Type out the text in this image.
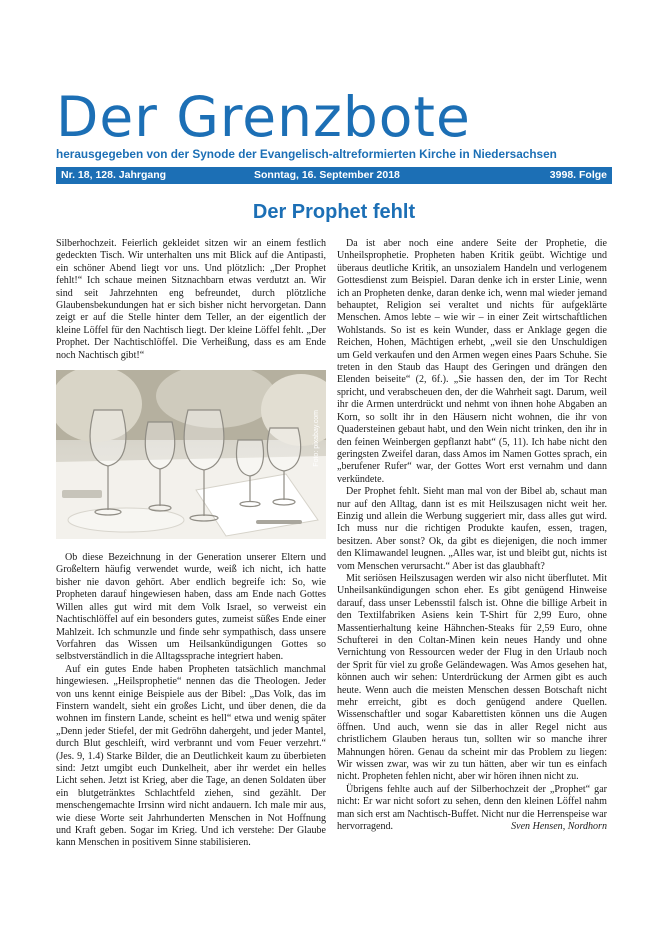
Der Grenzbote
herausgegeben von der Synode der Evangelisch-altreformierten Kirche in Niedersachsen
Nr. 18, 128. Jahrgang	Sonntag, 16. September 2018	3998. Folge
Der Prophet fehlt

Silberhochzeit. Feierlich gekleidet sitzen wir an einem festlich gedeckten Tisch. Wir unterhalten uns mit Blick auf die Antipasti, ein schöner Abend liegt vor uns. Und plötzlich: „Der Prophet fehlt!“ Ich schaue meinen Sitznachbarn etwas verdutzt an. Wir sind seit Jahrzehnten eng befreundet, durch plötzliche Glaubensbekundungen hat er sich bisher nicht hervorgetan. Dann zeigt er auf die Stelle hinter dem Teller, an der eigentlich der kleine Löffel für den Nachtisch liegt. Der kleine Löffel fehlt. „Der Prophet. Der Nachtischlöffel. Die Verheißung, dass es am Ende noch Nachtisch gibt!“

Foto: pixabay.com

Ob diese Bezeichnung in der Generation unserer Eltern und Großeltern häufig verwendet wurde, weiß ich nicht, ich hatte bisher nie davon gehört. Aber endlich begreife ich: So, wie Propheten darauf hingewiesen haben, dass am Ende nach Gottes Willen alles gut wird mit dem Volk Israel, so verweist ein Nachtischlöffel auf ein besonders gutes, zumeist süßes Ende einer Mahlzeit. Ich schmunzle und finde sehr sympathisch, dass unsere Vorfahren das Wissen um Heilsankündigungen Gottes so selbstverständlich in die Alltagssprache integriert haben.

Auf ein gutes Ende haben Propheten tatsächlich manchmal hingewiesen. „Heilsprophetie“ nennen das die Theologen. Jeder von uns kennt einige Beispiele aus der Bibel: „Das Volk, das im Finstern wandelt, sieht ein großes Licht, und über denen, die da wohnen im finstern Lande, scheint es hell“ etwa und wenig später „Denn jeder Stiefel, der mit Gedröhn dahergeht, und jeder Mantel, durch Blut geschleift, wird verbrannt und vom Feuer verzehrt.“ (Jes. 9, 1.4) Starke Bilder, die an Deutlichkeit kaum zu überbieten sind: Jetzt umgibt euch Dunkelheit, aber ihr werdet ein helles Licht sehen. Jetzt ist Krieg, aber die Tage, an denen Soldaten über ein blutgetränktes Schlachtfeld ziehen, sind gezählt. Der menschengemachte Irrsinn wird nicht andauern. Ich male mir aus, wie diese Worte seit Jahrhunderten Menschen in Not Hoffnung und Kraft geben. Sogar im Krieg. Und ich verstehe: Der Glaube kann Menschen in positivem Sinne stabilisieren.

Da ist aber noch eine andere Seite der Prophetie, die Unheilsprophetie. Propheten haben Kritik geübt. Wichtige und überaus deutliche Kritik, an unsozialem Handeln und verlogenem Gottesdienst zum Beispiel. Daran denke ich in erster Linie, wenn ich an Propheten denke, daran denke ich, wenn mal wieder jemand behauptet, Religion sei veraltet und nichts für aufgeklärte Menschen. Amos lebte – wie wir – in einer Zeit wirtschaftlichen Wohlstands. So ist es kein Wunder, dass er Anklage gegen die Reichen, Hohen, Mächtigen erhebt, „weil sie den Unschuldigen um Geld verkaufen und den Armen wegen eines Paars Schuhe. Sie treten in den Staub das Haupt des Geringen und drängen den Elenden beiseite“ (2, 6f.). „Sie hassen den, der im Tor Recht spricht, und verabscheuen den, der die Wahrheit sagt. Darum, weil ihr die Armen unterdrückt und nehmt von ihnen hohe Abgaben an Korn, so sollt ihr in den Häusern nicht wohnen, die ihr von Quadersteinen gebaut habt, und den Wein nicht trinken, den ihr in den feinen Weinbergen gepflanzt habt“ (5, 11). Ich habe nicht den geringsten Zweifel daran, dass Amos im Namen Gottes sprach, ein „berufener Rufer“ war, der Gottes Wort erst vernahm und dann verkündete.

Der Prophet fehlt. Sieht man mal von der Bibel ab, schaut man nur auf den Alltag, dann ist es mit Heilszusagen nicht weit her. Einzig und allein die Werbung suggeriert mir, dass alles gut wird. Ich muss nur die richtigen Produkte kaufen, essen, tragen, besitzen. Aber sonst? Ok, da gibt es diejenigen, die noch immer den Klimawandel leugnen. „Alles war, ist und bleibt gut, nichts ist vom Menschen verursacht.“ Aber ist das glaubhaft?

Mit seriösen Heilszusagen werden wir also nicht überflutet. Mit Unheilsankündigungen schon eher. Es gibt genügend Hinweise darauf, dass unser Lebensstil falsch ist. Ohne die billige Arbeit in den Textilfabriken Asiens kein T-Shirt für 2,99 Euro, ohne Massentierhaltung keine Hähnchen-Steaks für 2,59 Euro, ohne Schufterei in den Coltan-Minen kein neues Handy und ohne Vernichtung von Ressourcen weder der Flug in den Urlaub noch der Sprit für viel zu große Geländewagen. Was Amos gesehen hat, können auch wir sehen: Unterdrückung der Armen gibt es auch heute. Wenn auch die meisten Menschen dessen Botschaft nicht mehr erreicht, gibt es doch genügend andere Quellen. Wissenschaftler und sogar Kabarettisten können uns die Augen öffnen. Und auch, wenn sie das in aller Regel nicht aus christlichem Glauben heraus tun, sollten wir so manche ihrer Mahnungen hören. Genau da scheint mir das Problem zu liegen: Wir wissen zwar, was wir zu tun hätten, aber wir tun es einfach nicht. Propheten fehlen nicht, aber wir hören ihnen nicht zu.

Übrigens fehlte auch auf der Silberhochzeit der „Prophet“ gar nicht: Er war nicht sofort zu sehen, denn den kleinen Löffel nahm man sich erst am Nachtisch-Buffet. Nicht nur die Herrenspeise war hervorragend.	Sven Hensen, Nordhorn
